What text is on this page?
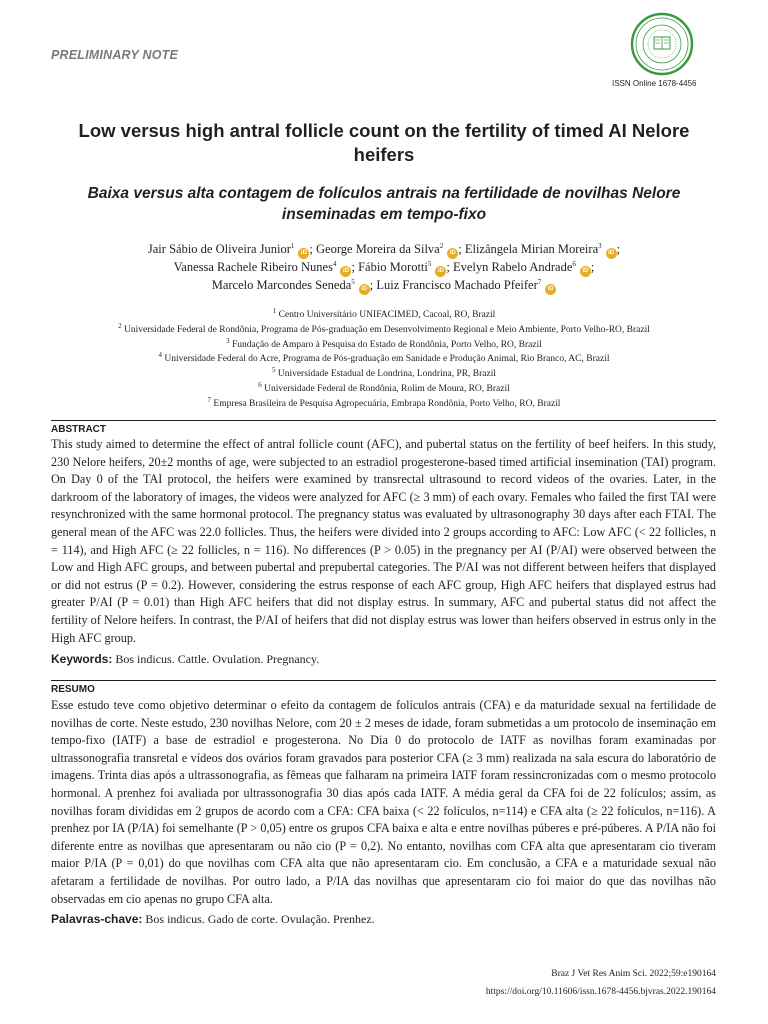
PRELIMINARY NOTE
ISSN Online 1678-4456
Low versus high antral follicle count on the fertility of timed AI Nelore heifers
Baixa versus alta contagem de folículos antrais na fertilidade de novilhas Nelore inseminadas em tempo-fixo
Jair Sábio de Oliveira Junior$^1$iD ; George Moreira da Silva$^2$iD ; Elizângela Mirian Moreira$^3$iD ;
Vanessa Rachele Ribeiro Nunes$^4$iD ; Fábio Morotti$^5$iD ; Evelyn Rabelo Andrade$^6$iD ;
Marcelo Marcondes Seneda$^5$iD ; Luiz Francisco Machado Pfeifer$^7$iD
$^1$ Centro Universitário UNIFACIMED, Cacoal, RO, Brazil
$^2$ Universidade Federal de Rondônia, Programa de Pós-graduação em Desenvolvimento Regional e Meio Ambiente, Porto Velho-RO, Brazil
$^3$ Fundação de Amparo à Pesquisa do Estado de Rondônia, Porto Velho, RO, Brazil
$^4$ Universidade Federal do Acre, Programa de Pós-graduação em Sanidade e Produção Animal, Rio Branco, AC, Brazil
$^5$ Universidade Estadual de Londrina, Londrina, PR, Brazil
$^6$ Universidade Federal de Rondônia, Rolim de Moura, RO, Brazil
$^7$ Empresa Brasileira de Pesquisa Agropecuária, Embrapa Rondônia, Porto Velho, RO, Brazil
ABSTRACT
This study aimed to determine the effect of antral follicle count (AFC), and pubertal status on the fertility of beef heifers. In this study, 230 Nelore heifers, 20±2 months of age, were subjected to an estradiol progesterone-based timed artificial insemination (TAI) program. On Day 0 of the TAI protocol, the heifers were examined by transrectal ultrasound to record videos of the ovaries. Later, in the darkroom of the laboratory of images, the videos were analyzed for AFC (≥ 3 mm) of each ovary. Females who failed the first TAI were resynchronized with the same hormonal protocol. The pregnancy status was evaluated by ultrasonography 30 days after each FTAI. The general mean of the AFC was 22.0 follicles. Thus, the heifers were divided into 2 groups according to AFC: Low AFC (< 22 follicles, n = 114), and High AFC (≥ 22 follicles, n = 116). No differences (P > 0.05) in the pregnancy per AI (P/AI) were observed between the Low and High AFC groups, and between pubertal and prepubertal categories. The P/AI was not different between heifers that displayed or did not estrus (P = 0.2). However, considering the estrus response of each AFC group, High AFC heifers that displayed estrus had greater P/AI (P = 0.01) than High AFC heifers that did not display estrus. In summary, AFC and pubertal status did not affect the fertility of Nelore heifers. In contrast, the P/AI of heifers that did not display estrus was lower than heifers observed in estrus only in the High AFC group.
Keywords: Bos indicus. Cattle. Ovulation. Pregnancy.
RESUMO
Esse estudo teve como objetivo determinar o efeito da contagem de folículos antrais (CFA) e da maturidade sexual na fertilidade de novilhas de corte. Neste estudo, 230 novilhas Nelore, com 20 ± 2 meses de idade, foram submetidas a um protocolo de inseminação em tempo-fixo (IATF) a base de estradiol e progesterona. No Dia 0 do protocolo de IATF as novilhas foram examinadas por ultrassonografia transretal e vídeos dos ovários foram gravados para posterior CFA (≥ 3 mm) realizada na sala escura do laboratório de imagens. Trinta dias após a ultrassonografia, as fêmeas que falharam na primeira IATF foram ressincronizadas com o mesmo protocolo hormonal. A prenhez foi avaliada por ultrassonografia 30 dias após cada IATF. A média geral da CFA foi de 22 folículos; assim, as novilhas foram divididas em 2 grupos de acordo com a CFA: CFA baixa (< 22 folículos, n=114) e CFA alta (≥ 22 folículos, n=116). A prenhez por IA (P/IA) foi semelhante (P > 0,05) entre os grupos CFA baixa e alta e entre novilhas púberes e pré-púberes. A P/IA não foi diferente entre as novilhas que apresentaram ou não cio (P = 0,2). No entanto, novilhas com CFA alta que apresentaram cio tiveram maior P/IA (P = 0,01) do que novilhas com CFA alta que não apresentaram cio. Em conclusão, a CFA e a maturidade sexual não afetaram a fertilidade de novilhas. Por outro lado, a P/IA das novilhas que apresentaram cio foi maior do que das novilhas não observadas em cio apenas no grupo CFA alta.
Palavras-chave: Bos indicus. Gado de corte. Ovulação. Prenhez.
Braz J Vet Res Anim Sci. 2022;59:e190164
https://doi.org/10.11606/issn.1678-4456.bjvras.2022.190164
